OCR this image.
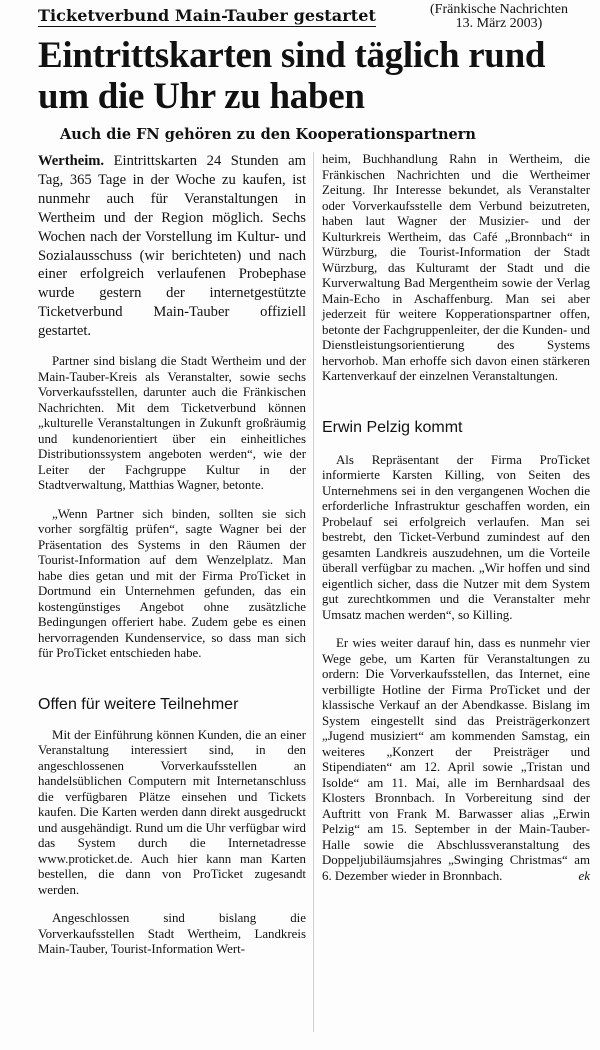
Ticketverbund Main-Tauber gestartet	(Fränkische Nachrichten
13. März 2003)
Eintrittskarten sind täglich rund um die Uhr zu haben
Auch die FN gehören zu den Kooperationspartnern

Wertheim. Eintrittskarten 24 Stunden am Tag, 365 Tage in der Woche zu kaufen, ist nunmehr auch für Veranstaltungen in Wertheim und der Region möglich. Sechs Wochen nach der Vorstellung im Kultur- und Sozialausschuss (wir berichteten) und nach einer erfolgreich verlaufenen Probephase wurde gestern der internetgestützte Ticketverbund Main-Tauber offiziell gestartet.

Partner sind bislang die Stadt Wertheim und der Main-Tauber-Kreis als Veranstalter, sowie sechs Vorverkaufsstellen, darunter auch die Fränkischen Nachrichten. Mit dem Ticketverbund können „kulturelle Veranstaltungen in Zukunft großräumig und kundenorientiert über ein einheitliches Distributionssystem angeboten werden“, wie der Leiter der Fachgruppe Kultur in der Stadtverwaltung, Matthias Wagner, betonte.

„Wenn Partner sich binden, sollten sie sich vorher sorgfältig prüfen“, sagte Wagner bei der Präsentation des Systems in den Räumen der Tourist-Information auf dem Wenzelplatz. Man habe dies getan und mit der Firma ProTicket in Dortmund ein Unternehmen gefunden, das ein kostengünstiges Angebot ohne zusätzliche Bedingungen offeriert habe. Zudem gebe es einen hervorragenden Kundenservice, so dass man sich für ProTicket entschieden habe.

Offen für weitere Teilnehmer

Mit der Einführung können Kunden, die an einer Veranstaltung interessiert sind, in den angeschlossenen Vorverkaufsstellen an handelsüblichen Computern mit Internetanschluss die verfügbaren Plätze einsehen und Tickets kaufen. Die Karten werden dann direkt ausgedruckt und ausgehändigt. Rund um die Uhr verfügbar wird das System durch die Internetadresse www.proticket.de. Auch hier kann man Karten bestellen, die dann von ProTicket zugesandt werden.

Angeschlossen sind bislang die Vorverkaufsstellen Stadt Wertheim, Landkreis Main-Tauber, Tourist-Information Wert-

heim, Buchhandlung Rahn in Wertheim, die Fränkischen Nachrichten und die Wertheimer Zeitung. Ihr Interesse bekundet, als Veranstalter oder Vorverkaufsstelle dem Verbund beizutreten, haben laut Wagner der Musizier- und der Kulturkreis Wertheim, das Café „Bronnbach“ in Würzburg, die Tourist-Information der Stadt Würzburg, das Kulturamt der Stadt und die Kurverwaltung Bad Mergentheim sowie der Verlag Main-Echo in Aschaffenburg. Man sei aber jederzeit für weitere Kopperationspartner offen, betonte der Fachgruppenleiter, der die Kunden- und Dienstleistungsorientierung des Systems hervorhob. Man erhoffe sich davon einen stärkeren Kartenverkauf der einzelnen Veranstaltungen.

Erwin Pelzig kommt

Als Repräsentant der Firma ProTicket informierte Karsten Killing, von Seiten des Unternehmens sei in den vergangenen Wochen die erforderliche Infrastruktur geschaffen worden, ein Probelauf sei erfolgreich verlaufen. Man sei bestrebt, den Ticket-Verbund zumindest auf den gesamten Landkreis auszudehnen, um die Vorteile überall verfügbar zu machen. „Wir hoffen und sind eigentlich sicher, dass die Nutzer mit dem System gut zurechtkommen und die Veranstalter mehr Umsatz machen werden“, so Killing.

Er wies weiter darauf hin, dass es nunmehr vier Wege gebe, um Karten für Veranstaltungen zu ordern: Die Vorverkaufsstellen, das Internet, eine verbilligte Hotline der Firma ProTicket und der klassische Verkauf an der Abendkasse. Bislang im System eingestellt sind das Preisträgerkonzert „Jugend musiziert“ am kommenden Samstag, ein weiteres „Konzert der Preisträger und Stipendiaten“ am 12. April sowie „Tristan und Isolde“ am 11. Mai, alle im Bernhardsaal des Klosters Bronnbach. In Vorbereitung sind der Auftritt von Frank M. Barwasser alias „Erwin Pelzig“ am 15. September in der Main-Tauber-Halle sowie die Abschlussveranstaltung des Doppeljubiläumsjahres „Swinging Christmas“ am 6. Dezember wieder in Bronnbach.	ek
